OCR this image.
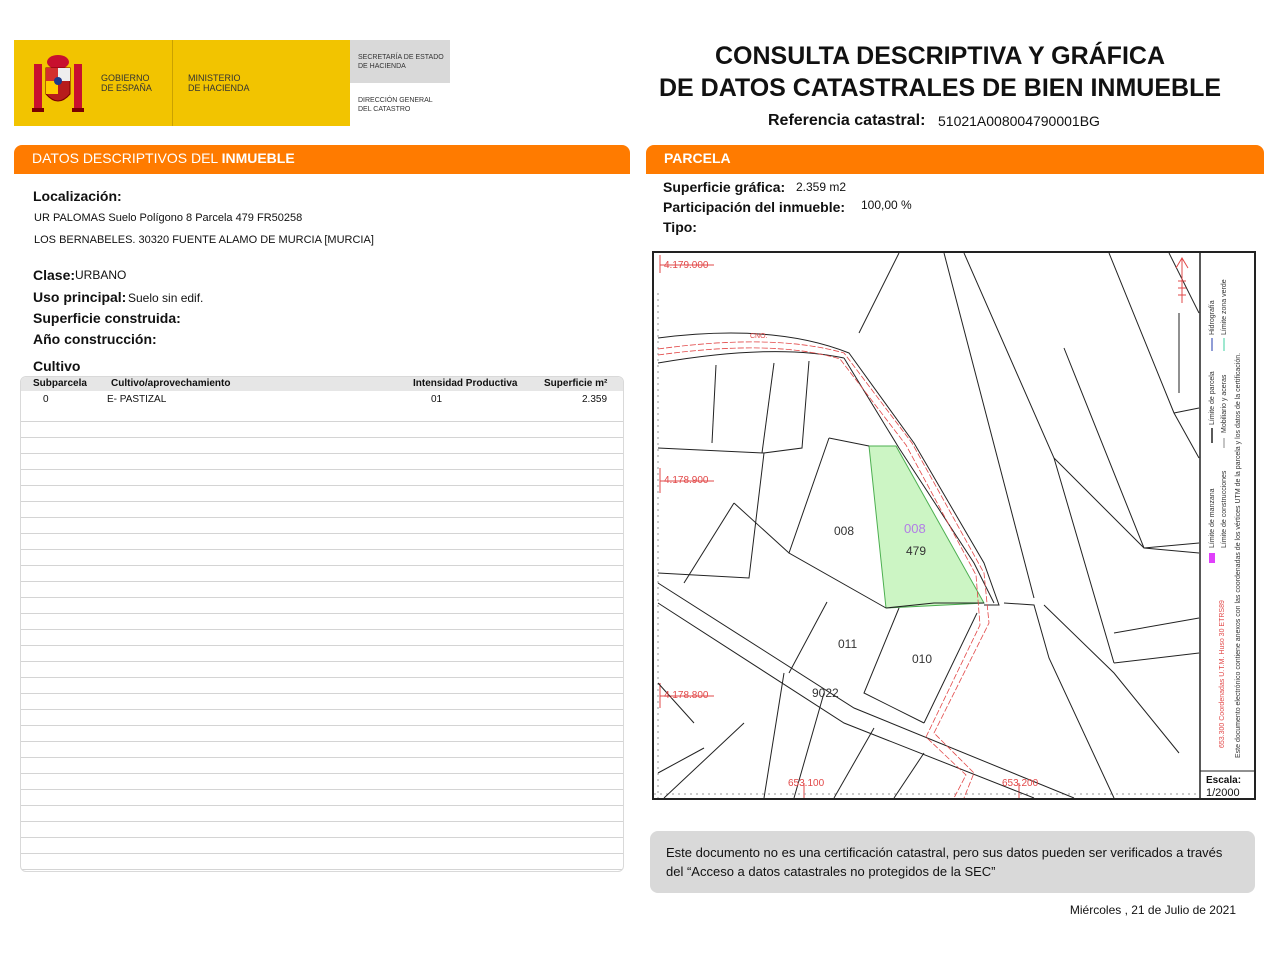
GOBIERNO
DE ESPAÑA
MINISTERIO
DE HACIENDA
SECRETARÍA DE ESTADO
DE HACIENDA
DIRECCIÓN GENERAL
DEL CATASTRO
CONSULTA DESCRIPTIVA Y GRÁFICA
DE DATOS CATASTRALES DE BIEN INMUEBLE
Referencia catastral: 51021A008004790001BG
DATOS DESCRIPTIVOS DEL INMUEBLE
Localización:
UR PALOMAS Suelo Polígono 8 Parcela 479 FR50258
LOS BERNABELES. 30320 FUENTE ALAMO DE MURCIA [MURCIA]
Clase: URBANO
Uso principal: Suelo sin edif.
Superficie construida:
Año construcción:
Cultivo
Subparcela Cultivo/aprovechamiento	Intensidad Productiva	Superficie m²
0	E- PASTIZAL	01	2.359
PARCELA
Superficie gráfica: 2.359 m2
Participación del inmueble: 100,00 %
Tipo:
4.179.000
4.178.900
4.178.800
653.100	653.200
CNO.
008	008
479
011
010
9022
Límite de manzana
Límite de parcela
Hidrografía
Límite de construcciones
Mobiliario y aceras
Límite zona verde
653.300 Coordenadas U.T.M. Huso 30 ETRS89 Este documento electrónico contiene anexos con las coordenadas de los vértices UTM de la parcela y los datos de la certificación.
Escala:
1/2000
Este documento no es una certificación catastral, pero sus datos pueden ser verificados a través del “Acceso a datos catastrales no protegidos de la SEC”
Miércoles , 21 de Julio de 2021
